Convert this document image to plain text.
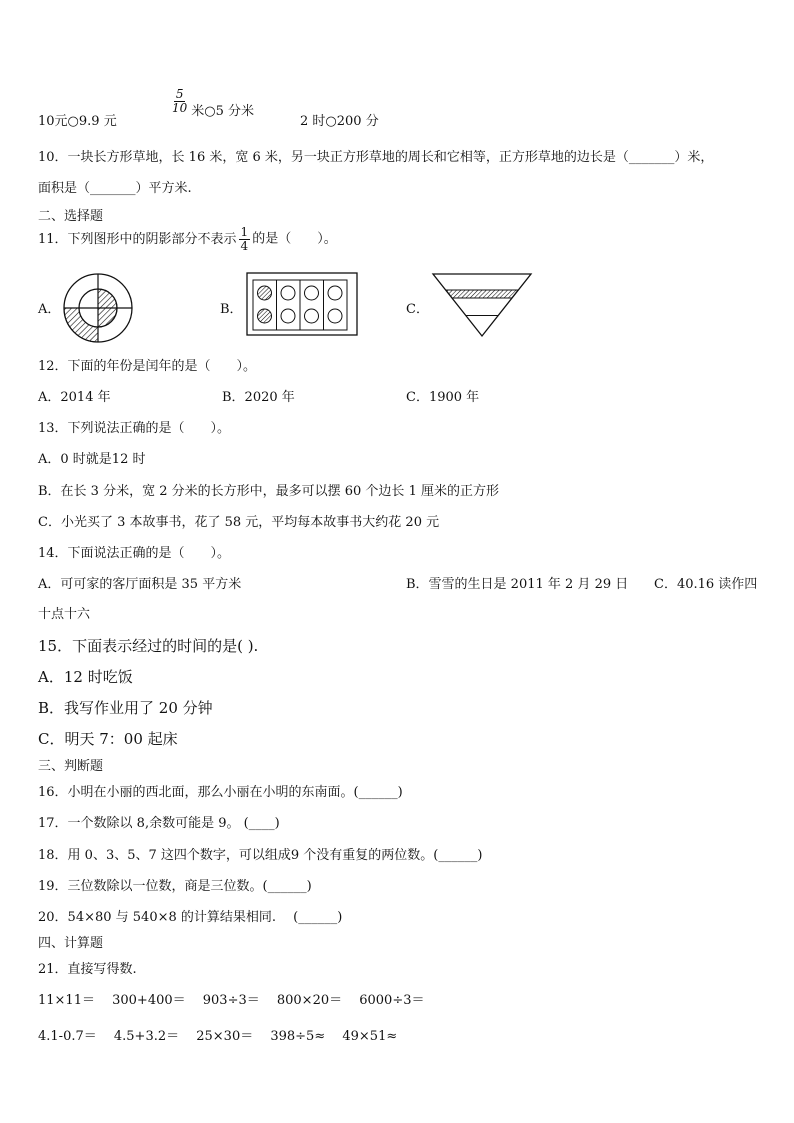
10元○9.9 元
$\frac{5}{10}$ 米○5 分米
2 时○200 分
10．一块长方形草地，长 16 米，宽 6 米，另一块正方形草地的周长和它相等，正方形草地的边长是（_______）米，
面积是（_______）平方米.
二、选择题
11．下列图形中的阴影部分不表示 $\frac{1}{4}$ 的是（　　）。
A．	B．	C．
12．下面的年份是闰年的是（　　）。
A．2014 年	B．2020 年	C．1900 年
13．下列说法正确的是（　　）。
A．0 时就是12 时
B．在长 3 分米，宽 2 分米的长方形中，最多可以摆 60 个边长 1 厘米的正方形
C．小光买了 3 本故事书，花了 58 元，平均每本故事书大约花 20 元
14．下面说法正确的是（　　）。
A．可可家的客厅面积是 35 平方米	B．雪雪的生日是 2011 年 2 月 29 日 C．40.16 读作四
十点十六
15．下面表示经过的时间的是( ).
A．12 时吃饭
B．我写作业用了 20 分钟
C．明天 7：00 起床
三、判断题
16．小明在小丽的西北面，那么小丽在小明的东南面。(______)
17．一个数除以 8,余数可能是 9。 (____)
18．用 0、3、5、7 这四个数字，可以组成9 个没有重复的两位数。(______)
19．三位数除以一位数，商是三位数。(______)
20．54×80 与 540×8 的计算结果相同.　 (______)
四、计算题
21．直接写得数.
11×11＝　 300+400＝　 903÷3＝　 800×20＝　 6000÷3＝
4.1-0.7＝　 4.5+3.2＝　 25×30＝　 398÷5≈　 49×51≈
